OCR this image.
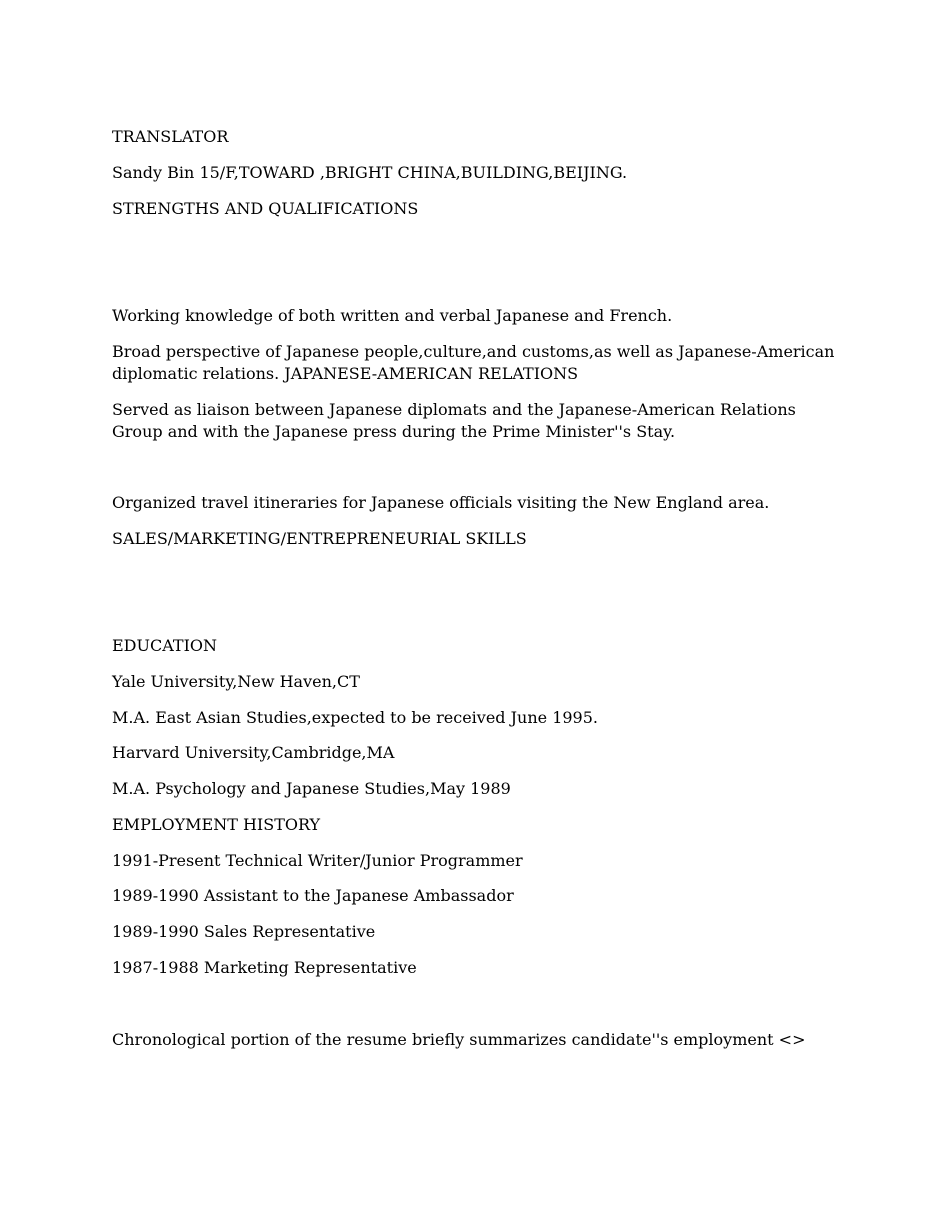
TRANSLATOR

Sandy Bin 15/F,TOWARD ,BRIGHT CHINA,BUILDING,BEIJING.

STRENGTHS AND QUALIFICATIONS

Working knowledge of both written and verbal Japanese and French.

Broad perspective of Japanese people,culture,and customs,as well as Japanese-American diplomatic relations. JAPANESE-AMERICAN RELATIONS

Served as liaison between Japanese diplomats and the Japanese-American Relations Group and with the Japanese press during the Prime Minister''s Stay.

Organized travel itineraries for Japanese officials visiting the New England area.

SALES/MARKETING/ENTREPRENEURIAL SKILLS

EDUCATION

Yale University,New Haven,CT

M.A. East Asian Studies,expected to be received June 1995.

Harvard University,Cambridge,MA

M.A. Psychology and Japanese Studies,May 1989

EMPLOYMENT HISTORY

1991-Present Technical Writer/Junior Programmer

1989-1990 Assistant to the Japanese Ambassador

1989-1990 Sales Representative

1987-1988 Marketing Representative

Chronological portion of the resume briefly summarizes candidate''s employment <>
